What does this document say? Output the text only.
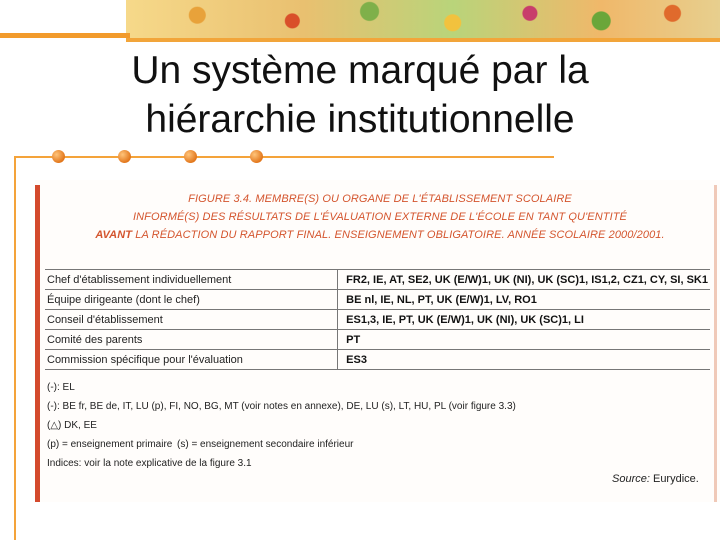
Un système marqué par la
hiérarchie institutionnelle
FIGURE 3.4. MEMBRE(S) OU ORGANE DE L'ÉTABLISSEMENT SCOLAIRE
INFORMÉ(S) DES RÉSULTATS DE L'ÉVALUATION EXTERNE DE L'ÉCOLE EN TANT QU'ENTITÉ
AVANT LA RÉDACTION DU RAPPORT FINAL. ENSEIGNEMENT OBLIGATOIRE. ANNÉE SCOLAIRE 2000/2001.
Chef d'établissement individuellement	FR2, IE, AT, SE2, UK (E/W)1, UK (NI), UK (SC)1, IS1,2, CZ1, CY, SI, SK1
Équipe dirigeante (dont le chef)	BE nl, IE, NL, PT, UK (E/W)1, LV, RO1
Conseil d'établissement	ES1,3, IE, PT, UK (E/W)1, UK (NI), UK (SC)1, LI
Comité des parents	PT
Commission spécifique pour l'évaluation	ES3
(-): EL
(-): BE fr, BE de, IT, LU (p), FI, NO, BG, MT (voir notes en annexe), DE, LU (s), LT, HU, PL (voir figure 3.3)
(△) DK, EE
(p) = enseignement primaire (s) = enseignement secondaire inférieur
Indices: voir la note explicative de la figure 3.1
Source: Eurydice.
